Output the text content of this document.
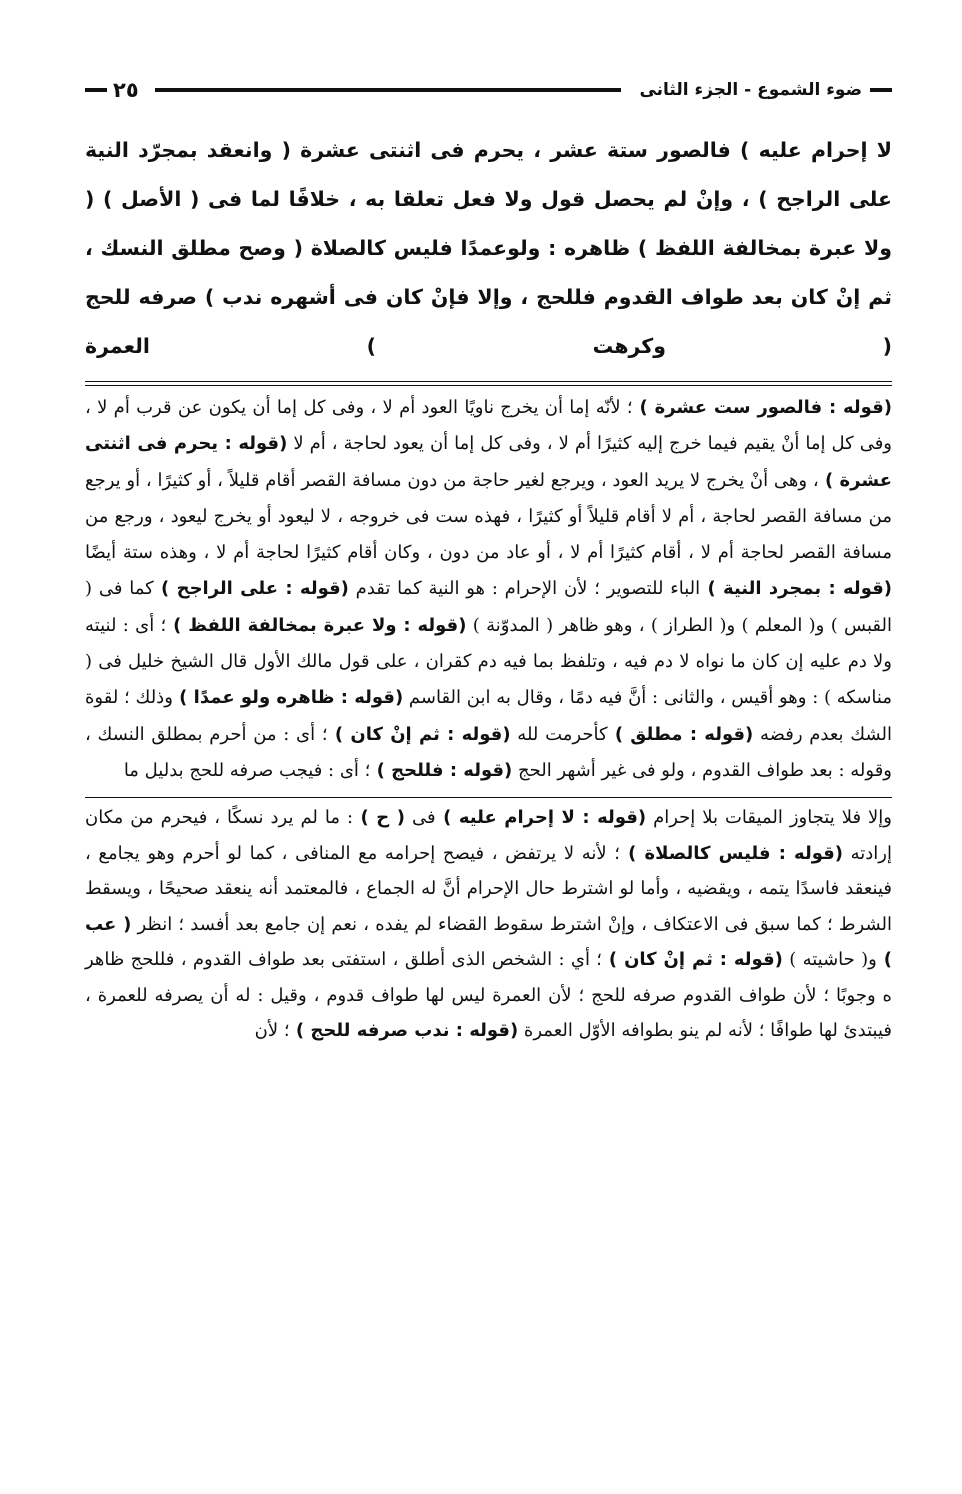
ضوء الشموع - الجزء الثانى
٢٥

لا إحرام عليه ) فالصور ستة عشر ، يحرم فى اثنتى عشرة ( وانعقد بمجرّد النية على الراجح ) ، وإنْ لم يحصل قول ولا فعل تعلقا به ، خلافًا لما فى ( الأصل ) ( ولا عبرة بمخالفة اللفظ ) ظاهره : ولوعمدًا فليس كالصلاة ( وصح مطلق النسك ، ثم إنْ كان بعد طواف القدوم فللحج ، وإلا فإنْ كان فى أشهره ندب ) صرفه للحج ( وكرهت ) العمرة

(قوله : فالصور ست عشرة ) ؛ لأنّه إما أن يخرج ناويًا العود أم لا ، وفى كل إما أن يكون عن قرب أم لا ، وفى كل إما أنْ يقيم فيما خرج إليه كثيرًا أم لا ، وفى كل إما أن يعود لحاجة ، أم لا (قوله : يحرم فى اثنتى عشرة ) ، وهى أنْ يخرج لا يريد العود ، ويرجع لغير حاجة من دون مسافة القصر أقام قليلاً ، أو كثيرًا ، أو يرجع من مسافة القصر لحاجة ، أم لا أقام قليلاً أو كثيرًا ، فهذه ست فى خروجه ، لا ليعود أو يخرج ليعود ، ورجع من مسافة القصر لحاجة أم لا ، أقام كثيرًا أم لا ، أو عاد من دون ، وكان أقام كثيرًا لحاجة أم لا ، وهذه ستة أيضًا (قوله : بمجرد النية ) الباء للتصوير ؛ لأن الإحرام : هو النية كما تقدم (قوله : على الراجح ) كما فى ( القبس ) و( المعلم ) و( الطراز ) ، وهو ظاهر ( المدوّنة ) (قوله : ولا عبرة بمخالفة اللفظ ) ؛ أى : لنيته ولا دم عليه إن كان ما نواه لا دم فيه ، وتلفظ بما فيه دم كقران ، على قول مالك الأول قال الشيخ خليل فى ( مناسكه ) : وهو أقيس ، والثانى : أنَّ فيه دمًا ، وقال به ابن القاسم (قوله : ظاهره ولو عمدًا ) وذلك ؛ لقوة الشك بعدم رفضه (قوله : مطلق ) كأحرمت لله (قوله : ثم إنْ كان ) ؛ أى : من أحرم بمطلق النسك ، وقوله : بعد طواف القدوم ، ولو فى غير أشهر الحج (قوله : فللحج ) ؛ أى : فيجب صرفه للحج بدليل ما

وإلا فلا يتجاوز الميقات بلا إحرام (قوله : لا إحرام عليه ) فى ( ح ) : ما لم يرد نسكًا ، فيحرم من مكان إرادته (قوله : فليس كالصلاة ) ؛ لأنه لا يرتفض ، فيصح إحرامه مع المنافى ، كما لو أحرم وهو يجامع ، فينعقد فاسدًا يتمه ، ويقضيه ، وأما لو اشترط حال الإحرام أنَّ له الجماع ، فالمعتمد أنه ينعقد صحيحًا ، ويسقط الشرط ؛ كما سبق فى الاعتكاف ، وإنْ اشترط سقوط القضاء لم يفده ، نعم إن جامع بعد أفسد ؛ انظر ( عب ) و( حاشيته ) (قوله : ثم إنْ كان ) ؛ أي : الشخص الذى أطلق ، استفتى بعد طواف القدوم ، فللحج ظاهر ه وجوبًا ؛ لأن طواف القدوم صرفه للحج ؛ لأن العمرة ليس لها طواف قدوم ، وقيل : له أن يصرفه للعمرة ، فيبتدئ لها طوافًا ؛ لأنه لم ينو بطوافه الأوّل العمرة (قوله : ندب صرفه للحج ) ؛ لأن
